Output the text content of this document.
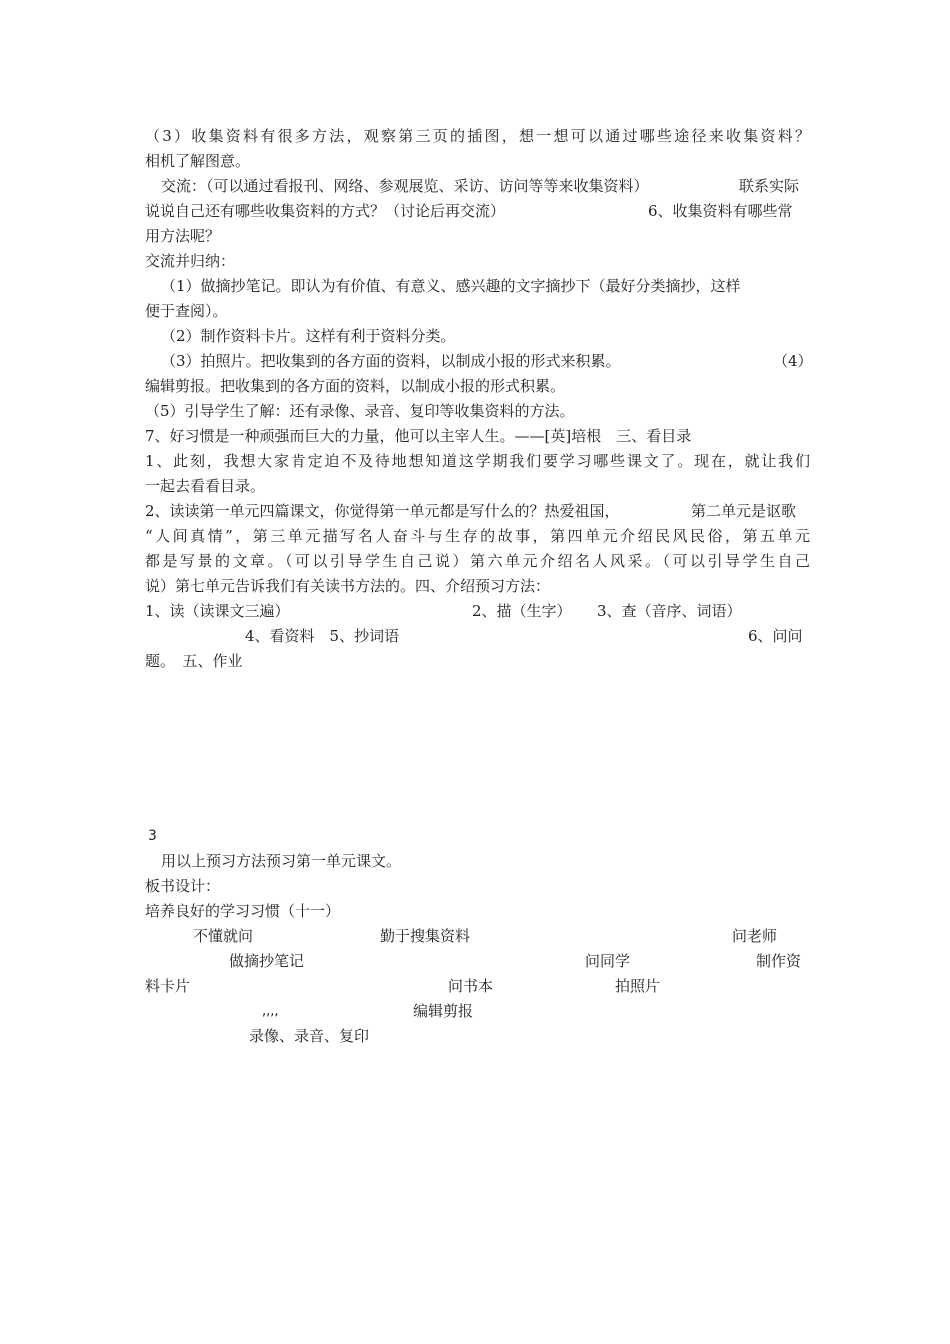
（3）收集资料有很多方法，观察第三页的插图，想一想可以通过哪些途径来收集资料？
相机了解图意。
交流：（可以通过看报刊、网络、参观展览、采访、访问等等来收集资料）	联系实际
说说自己还有哪些收集资料的方式？（讨论后再交流）	6、收集资料有哪些常
用方法呢？
交流并归纳：
（1）做摘抄笔记。即认为有价值、有意义、感兴趣的文字摘抄下（最好分类摘抄，这样
便于查阅）。
（2）制作资料卡片。这样有利于资料分类。
（3）拍照片。把收集到的各方面的资料，以制成小报的形式来积累。	（4）
编辑剪报。把收集到的各方面的资料，以制成小报的形式积累。
（5）引导学生了解：还有录像、录音、复印等收集资料的方法。
7、好习惯是一种顽强而巨大的力量，他可以主宰人生。——[英]培根　三、看目录
1、此刻，我想大家肯定迫不及待地想知道这学期我们要学习哪些课文了。现在，就让我们
一起去看看目录。
2、读读第一单元四篇课文，你觉得第一单元都是写什么的？热爱祖国，	第二单元是讴歌
“人间真情”，第三单元描写名人奋斗与生存的故事，第四单元介绍民风民俗，第五单元
都是写景的文章。（可以引导学生自己说）第六单元介绍名人风采。（可以引导学生自己
说）第七单元告诉我们有关读书方法的。四、介绍预习方法：
1、读（读课文三遍）	2、描（生字） 3、查（音序、词语）
4、看资料　5、抄词语	6、问问
题。　五、作业
3
用以上预习方法预习第一单元课文。
板书设计：
培养良好的学习习惯（十一）
不懂就问	勤于搜集资料	问老师
做摘抄笔记	问同学	制作资
料卡片	问书本	拍照片
,,,,	编辑剪报
录像、录音、复印
